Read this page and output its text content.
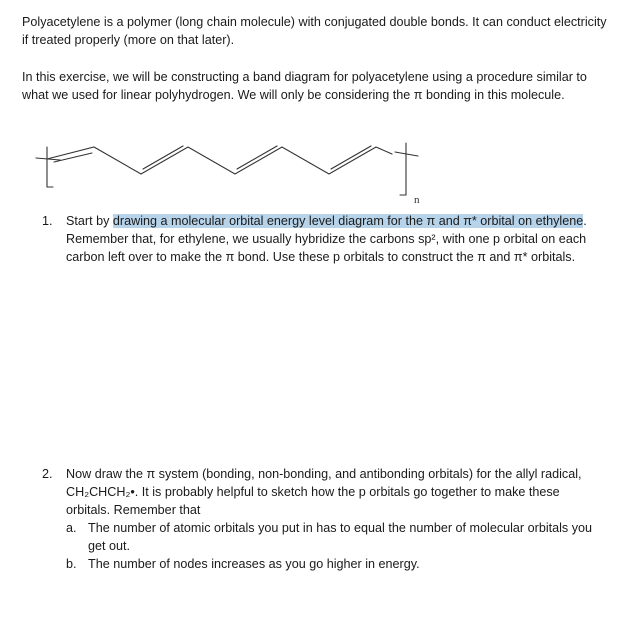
Polyacetylene is a polymer (long chain molecule) with conjugated double bonds. It can conduct electricity if treated properly (more on that later).

In this exercise, we will be constructing a band diagram for polyacetylene using a procedure similar to what we used for linear polyhydrogen. We will only be considering the π bonding in this molecule.

n
1. Start by drawing a molecular orbital energy level diagram for the π and π* orbital on ethylene. Remember that, for ethylene, we usually hybridize the carbons sp², with one p orbital on each carbon left over to make the π bond. Use these p orbitals to construct the π and π* orbitals.
2. Now draw the π system (bonding, non-bonding, and antibonding orbitals) for the allyl radical, CH₂CHCH₂•. It is probably helpful to sketch how the p orbitals go together to make these orbitals. Remember that
a. The number of atomic orbitals you put in has to equal the number of molecular orbitals you get out.
b. The number of nodes increases as you go higher in energy.
